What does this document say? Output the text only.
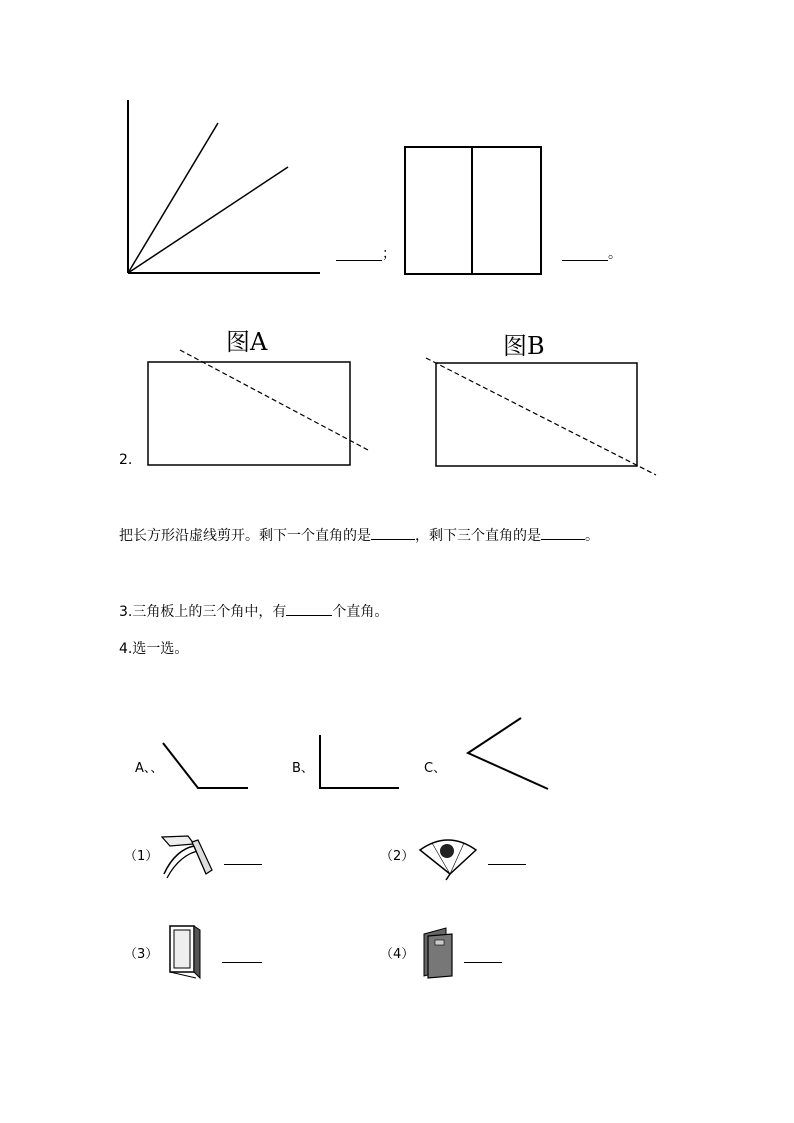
；	。
图A	图B
2.
把长方形沿虚线剪开。剩下一个直角的是	，剩下三个直角的是	。
3.三角板上的三个角中，有	个直角。
4.选一选。
A、、	B、	C、
（1）	（2）
（3）	（4）
